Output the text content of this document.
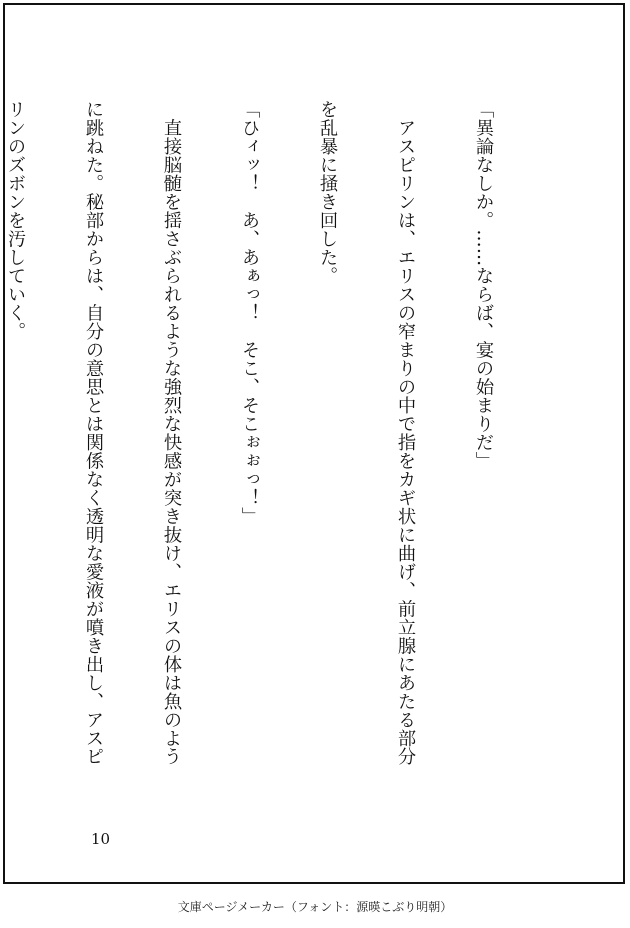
「異論なしか。……ならば、宴の始まりだ」

　アスピリンは、エリスの窄まりの中で指をカギ状に曲げ、前立腺にあたる部分

を乱暴に掻き回した。

「ひィッ！　あ、あぁっ！　そこ、そこぉぉっ！」

　直接脳髄を揺さぶられるような強烈な快感が突き抜け、エリスの体は魚のよう

に跳ねた。秘部からは、自分の意思とは関係なく透明な愛液が噴き出し、アスピ

リンのズボンを汚していく。

10
文庫ページメーカー（フォント：源暎こぶり明朝）
